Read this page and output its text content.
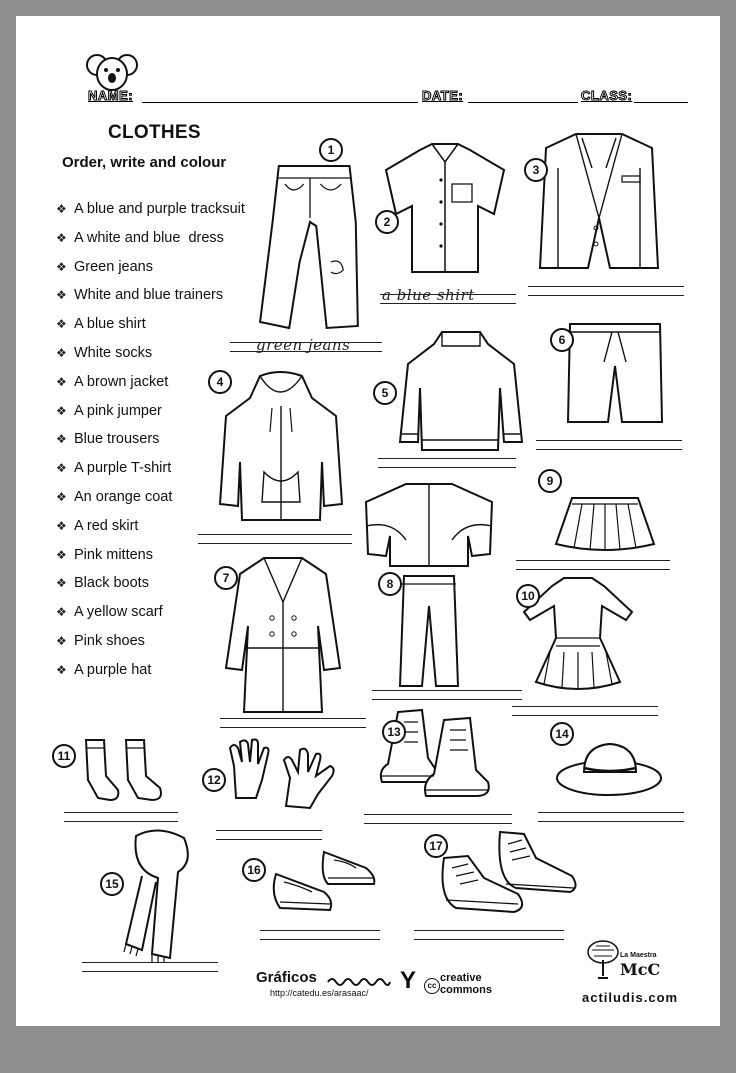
NAME:	DATE:	CLASS:
CLOTHES
Order, write and colour
❖ A blue and purple tracksuit
❖ A white and blue  dress
❖ Green jeans
❖ White and blue trainers
❖ A blue shirt
❖ White socks
❖ A brown jacket
❖ A pink jumper
❖ Blue trousers
❖ A purple T-shirt
❖ An orange coat
❖ A red skirt
❖ Pink mittens
❖ Black boots
❖ A yellow scarf
❖ Pink shoes
❖ A purple hat
1
green jeans
2
a blue shirt
3
4
5
6
8
9
7
10
11
12
13	14
15
16
17
Gráficos
http://catedu.es/arasaac/ Y	cc
creative
commons
La Maestra
McC
actiludis.com
